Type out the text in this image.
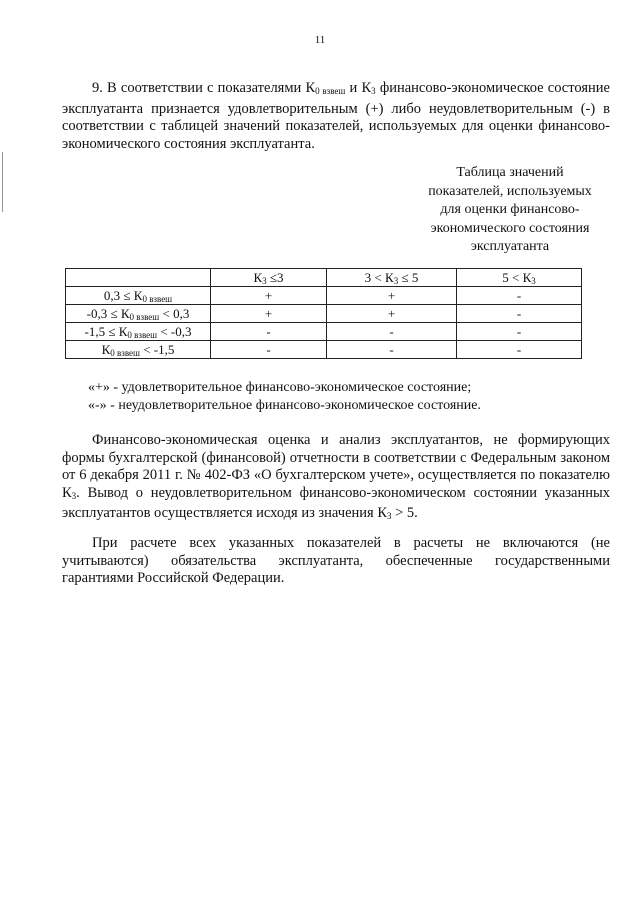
11

9. В соответствии с показателями $К_{0 взвеш}$ и $К_3$ финансово-экономическое состояние эксплуатанта признается удовлетворительным (+) либо неудовлетворительным (-) в соответствии с таблицей значений показателей, используемых для оценки финансово-экономического состояния эксплуатанта.

Таблица значений
показателей, используемых
для оценки финансово-
экономического состояния
эксплуатанта
	$К_3 \le 3$	$3 < К_3 \le 5$	$5 < К_3$
$0,3 \le К_{0 взвеш}$	+	+	-
$-0,3 \le К_{0 взвеш} < 0,3$	+	+	-
$-1,5 \le К_{0 взвеш} < -0,3$	-	-	-
$К_{0 взвеш} < -1,5$	-	-	-
«+» - удовлетворительное финансово-экономическое состояние;
«-» - неудовлетворительное финансово-экономическое состояние.

Финансово-экономическая оценка и анализ эксплуатантов, не формирующих формы бухгалтерской (финансовой) отчетности в соответствии с Федеральным законом от 6 декабря 2011 г. № 402-ФЗ «О бухгалтерском учете», осуществляется по показателю $К_3$. Вывод о неудовлетворительном финансово-экономическом состоянии указанных эксплуатантов осуществляется исходя из значения $К_3 > 5$.

При расчете всех указанных показателей в расчеты не включаются (не учитываются) обязательства эксплуатанта, обеспеченные государственными гарантиями Российской Федерации.
